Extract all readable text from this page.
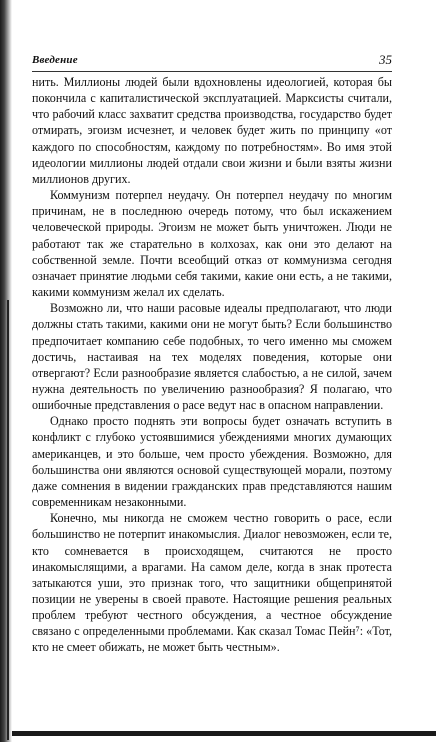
Введение	35

нить. Миллионы людей были вдохновлены идеологией, которая бы покончила с капиталистической эксплуатацией. Марксисты считали, что рабочий класс захватит средства производства, государство будет отмирать, эгоизм исчезнет, и человек будет жить по принципу «от каждого по способностям, каждому по потребностям». Во имя этой идеологии миллионы людей отдали свои жизни и были взяты жизни миллионов других.

Коммунизм потерпел неудачу. Он потерпел неудачу по многим причинам, не в последнюю очередь потому, что был искажением человеческой природы. Эгоизм не может быть уничтожен. Люди не работают так же старательно в колхозах, как они это делают на собственной земле. Почти всеобщий отказ от коммунизма сегодня означает принятие людьми себя такими, какие они есть, а не такими, какими коммунизм желал их сделать.

Возможно ли, что наши расовые идеалы предполагают, что люди должны стать такими, какими они не могут быть? Если большинство предпочитает компанию себе подобных, то чего именно мы сможем достичь, настаивая на тех моделях поведения, которые они отвергают? Если разнообразие является слабостью, а не силой, зачем нужна деятельность по увеличению разнообразия? Я полагаю, что ошибочные представления о расе ведут нас в опасном направлении.

Однако просто поднять эти вопросы будет означать вступить в конфликт с глубоко устоявшимися убеждениями многих думающих американцев, и это больше, чем просто убеждения. Возможно, для большинства они являются основой существующей морали, поэтому даже сомнения в видении гражданских прав представляются нашим современникам незаконными.

Конечно, мы никогда не сможем честно говорить о расе, если большинство не потерпит инакомыслия. Диалог невозможен, если те, кто сомневается в происходящем, считаются не просто инакомыслящими, а врагами. На самом деле, когда в знак протеста затыкаются уши, это признак того, что защитники общепринятой позиции не уверены в своей правоте. Настоящие решения реальных проблем требуют честного обсуждения, а честное обсуждение связано с определенными проблемами. Как сказал Томас Пейн⁷: «Тот, кто не смеет обижать, не может быть честным».
